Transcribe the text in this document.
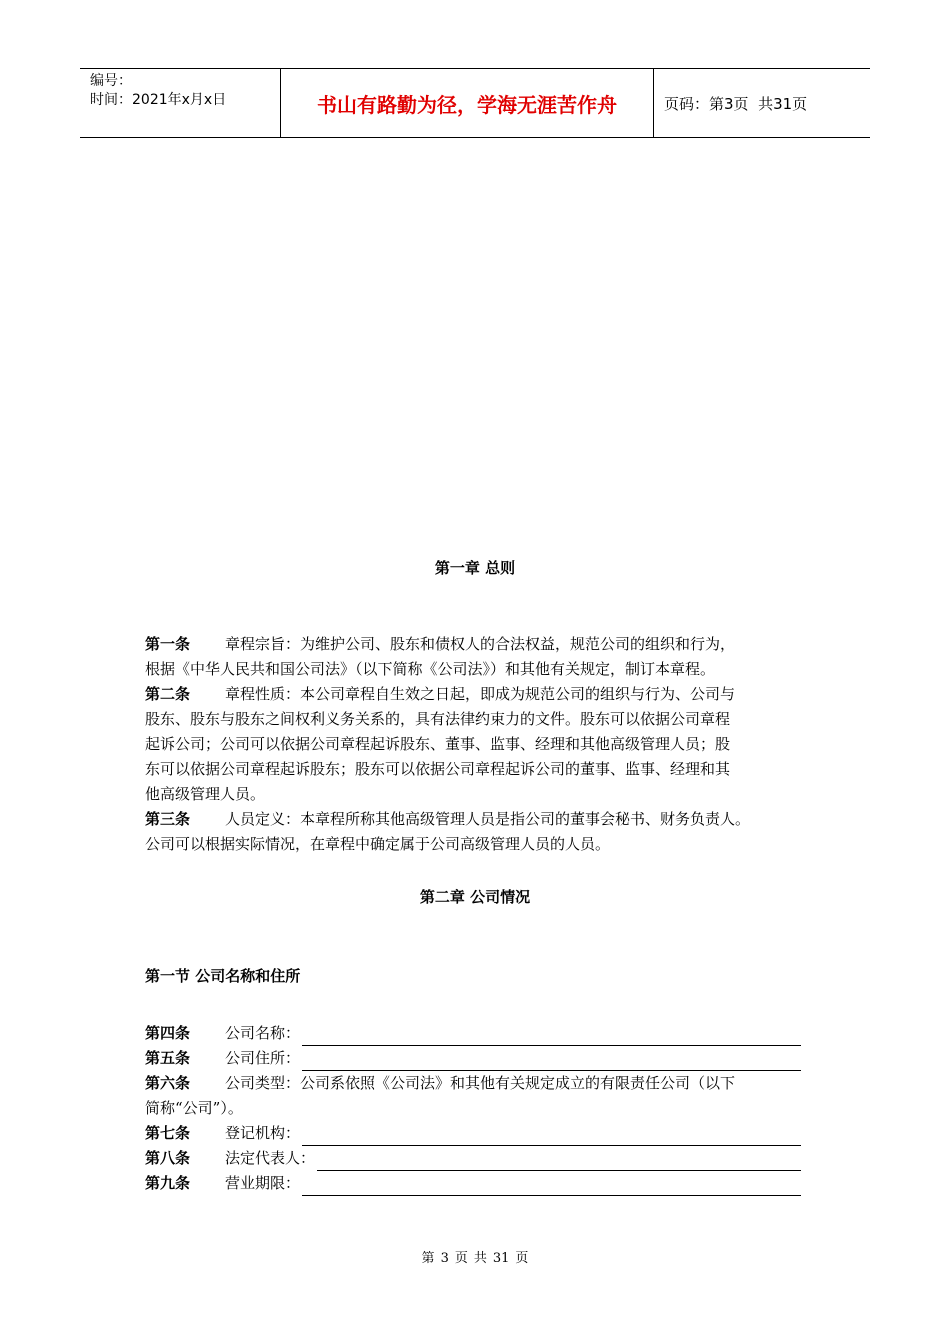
编号：
时间：2021年x月x日	书山有路勤为径，学海无涯苦作舟	页码：第3页  共31页
第一章 总则
第一条 章程宗旨：为维护公司、股东和债权人的合法权益，规范公司的组织和行为，
根据《中华人民共和国公司法》（以下简称《公司法》）和其他有关规定，制订本章程。
第二条 章程性质：本公司章程自生效之日起，即成为规范公司的组织与行为、公司与
股东、股东与股东之间权利义务关系的，具有法律约束力的文件。股东可以依据公司章程
起诉公司；公司可以依据公司章程起诉股东、董事、监事、经理和其他高级管理人员；股
东可以依据公司章程起诉股东；股东可以依据公司章程起诉公司的董事、监事、经理和其
他高级管理人员。
第三条 人员定义：本章程所称其他高级管理人员是指公司的董事会秘书、财务负责人。
公司可以根据实际情况，在章程中确定属于公司高级管理人员的人员。
第二章 公司情况
第一节 公司名称和住所
第四条	公司名称：
第五条	公司住所：
第六条 公司类型：公司系依照《公司法》和其他有关规定成立的有限责任公司（以下
简称“公司”）。
第七条	登记机构：
第八条	法定代表人：
第九条	营业期限：
第 3 页 共 31 页
